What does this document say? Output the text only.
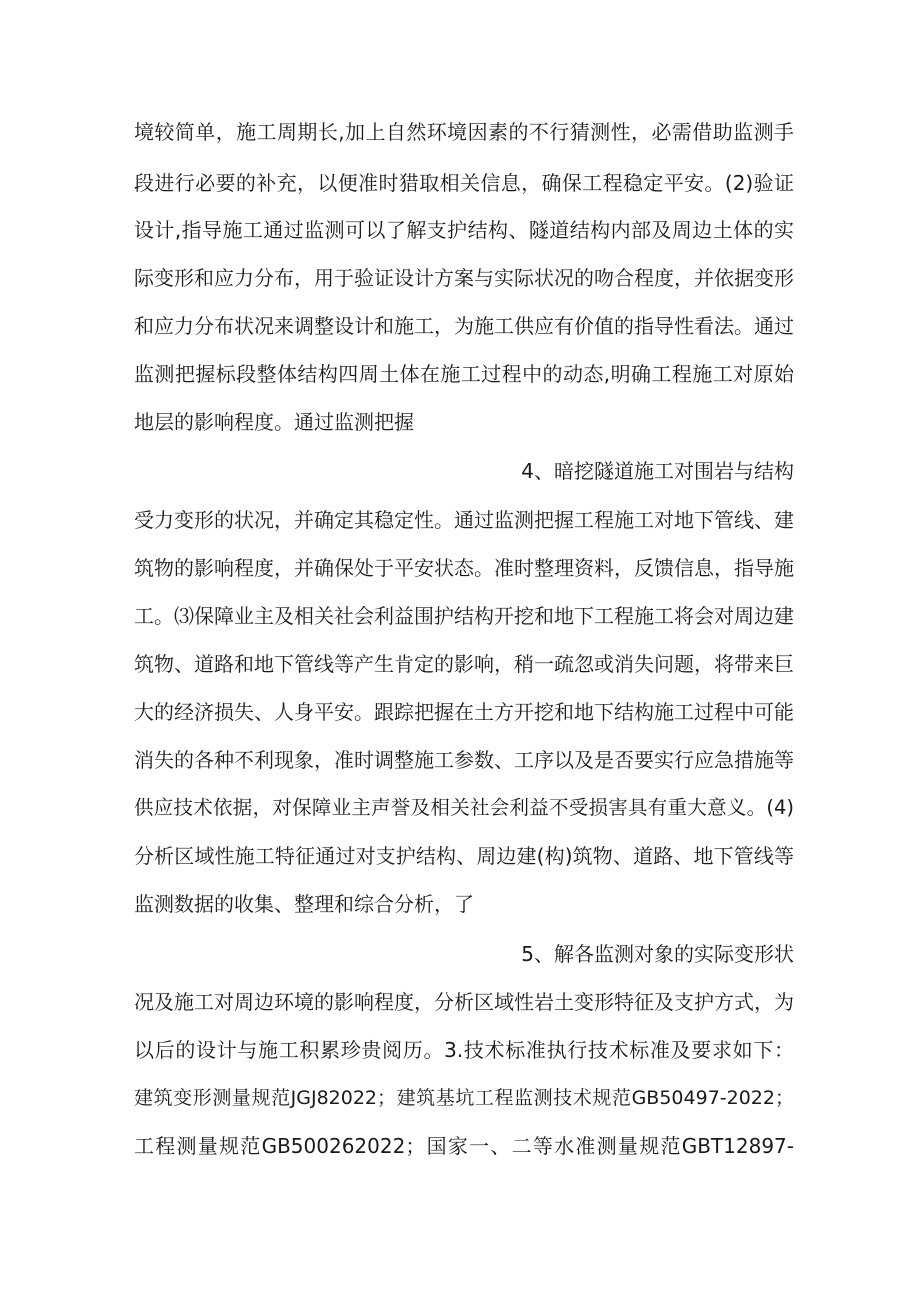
境较简单，施工周期长,加上自然环境因素的不行猜测性，必需借助监测手
段进行必要的补充，以便准时猎取相关信息，确保工程稳定平安。(2)验证
设计,指导施工通过监测可以了解支护结构、隧道结构内部及周边土体的实
际变形和应力分布，用于验证设计方案与实际状况的吻合程度，并依据变形
和应力分布状况来调整设计和施工，为施工供应有价值的指导性看法。通过
监测把握标段整体结构四周土体在施工过程中的动态,明确工程施工对原始
地层的影响程度。通过监测把握
4、暗挖隧道施工对围岩与结构
受力变形的状况，并确定其稳定性。通过监测把握工程施工对地下管线、建
筑物的影响程度，并确保处于平安状态。准时整理资料，反馈信息，指导施
工。⑶保障业主及相关社会利益围护结构开挖和地下工程施工将会对周边建
筑物、道路和地下管线等产生肯定的影响，稍一疏忽或消失问题，将带来巨
大的经济损失、人身平安。跟踪把握在土方开挖和地下结构施工过程中可能
消失的各种不利现象，准时调整施工参数、工序以及是否要实行应急措施等
供应技术依据，对保障业主声誉及相关社会利益不受损害具有重大意义。(4)
分析区域性施工特征通过对支护结构、周边建(构)筑物、道路、地下管线等
监测数据的收集、整理和综合分析，了
5、解各监测对象的实际变形状
况及施工对周边环境的影响程度，分析区域性岩土变形特征及支护方式，为
以后的设计与施工积累珍贵阅历。3.技术标准执行技术标准及要求如下：
建筑变形测量规范JGJ82022；建筑基坑工程监测技术规范GB50497-2022；
工程测量规范GB500262022；国家一、二等水准测量规范GBT12897-
